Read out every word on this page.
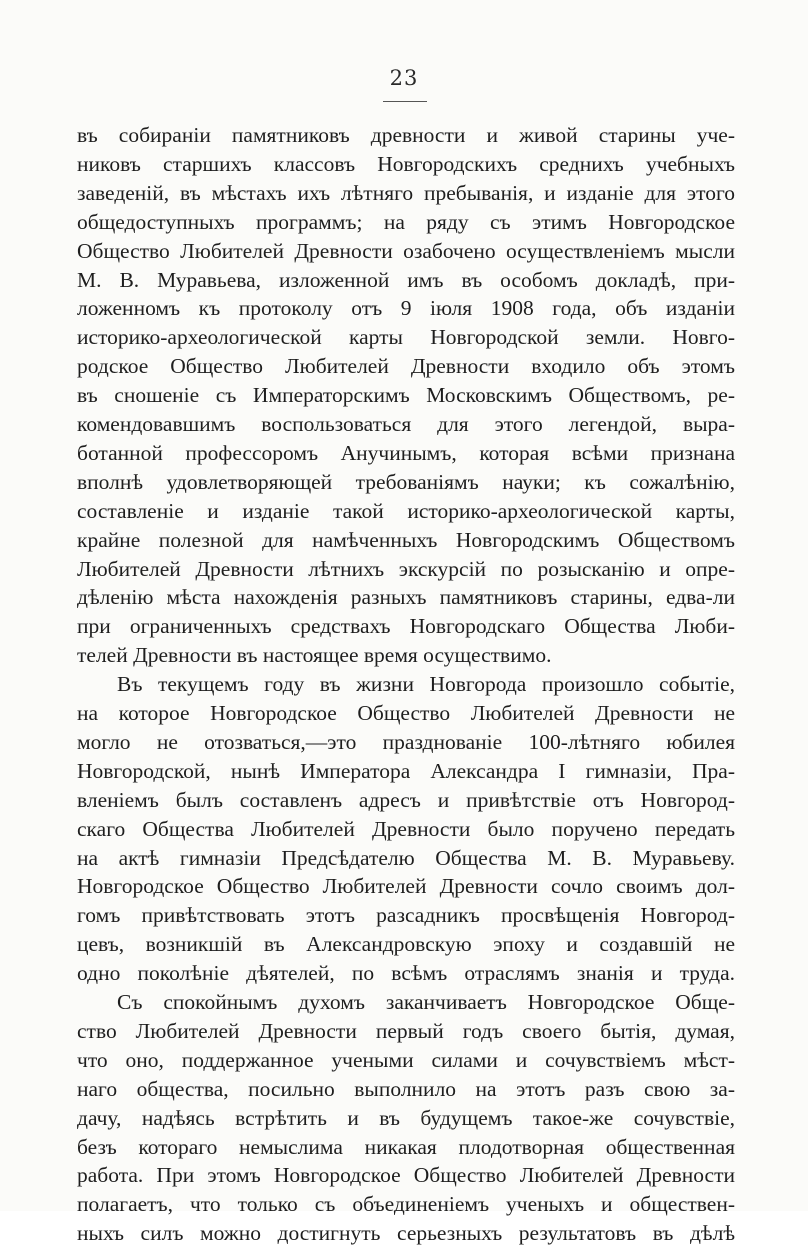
23
въ собираніи памятниковъ древности и живой старины уче-
никовъ старшихъ классовъ Новгородскихъ среднихъ учебныхъ
заведеній, въ мѣстахъ ихъ лѣтняго пребыванія, и изданіе для этого
общедоступныхъ программъ; на ряду съ этимъ Новгородское
Общество Любителей Древности озабочено осуществленіемъ мысли
М. В. Муравьева, изложенной имъ въ особомъ докладѣ, при-
ложенномъ къ протоколу отъ 9 іюля 1908 года, объ изданіи
историко-археологической карты Новгородской земли. Новго-
родское Общество Любителей Древности входило объ этомъ
въ сношеніе съ Императорскимъ Московскимъ Обществомъ, ре-
комендовавшимъ воспользоваться для этого легендой, выра-
ботанной профессоромъ Анучинымъ, которая всѣми признана
вполнѣ удовлетворяющей требованіямъ науки; къ сожалѣнію,
составленіе и изданіе такой историко-археологической карты,
крайне полезной для намѣченныхъ Новгородскимъ Обществомъ
Любителей Древности лѣтнихъ экскурсій по розысканію и опре-
дѣленію мѣста нахожденія разныхъ памятниковъ старины, едва-ли
при ограниченныхъ средствахъ Новгородскаго Общества Люби-
телей Древности въ настоящее время осуществимо.
Въ текущемъ году въ жизни Новгорода произошло событіе,
на которое Новгородское Общество Любителей Древности не
могло не отозваться,—это празднованіе 100-лѣтняго юбилея
Новгородской, нынѣ Императора Александра I гимназіи, Пра-
вленіемъ былъ составленъ адресъ и привѣтствіе отъ Новгород-
скаго Общества Любителей Древности было поручено передать
на актѣ гимназіи Предсѣдателю Общества М. В. Муравьеву.
Новгородское Общество Любителей Древности сочло своимъ дол-
гомъ привѣтствовать этотъ разсадникъ просвѣщенія Новгород-
цевъ, возникшій въ Александровскую эпоху и создавшій не
одно поколѣніе дѣятелей, по всѣмъ отраслямъ знанія и труда.
Съ спокойнымъ духомъ заканчиваетъ Новгородское Обще-
ство Любителей Древности первый годъ своего бытія, думая,
что оно, поддержанное учеными силами и сочувствіемъ мѣст-
наго общества, посильно выполнило на этотъ разъ свою за-
дачу, надѣясь встрѣтить и въ будущемъ такое-же сочувствіе,
безъ котораго немыслима никакая плодотворная общественная
работа. При этомъ Новгородское Общество Любителей Древности
полагаетъ, что только съ объединеніемъ ученыхъ и обществен-
ныхъ силъ можно достигнуть серьезныхъ результатовъ въ дѣлѣ
